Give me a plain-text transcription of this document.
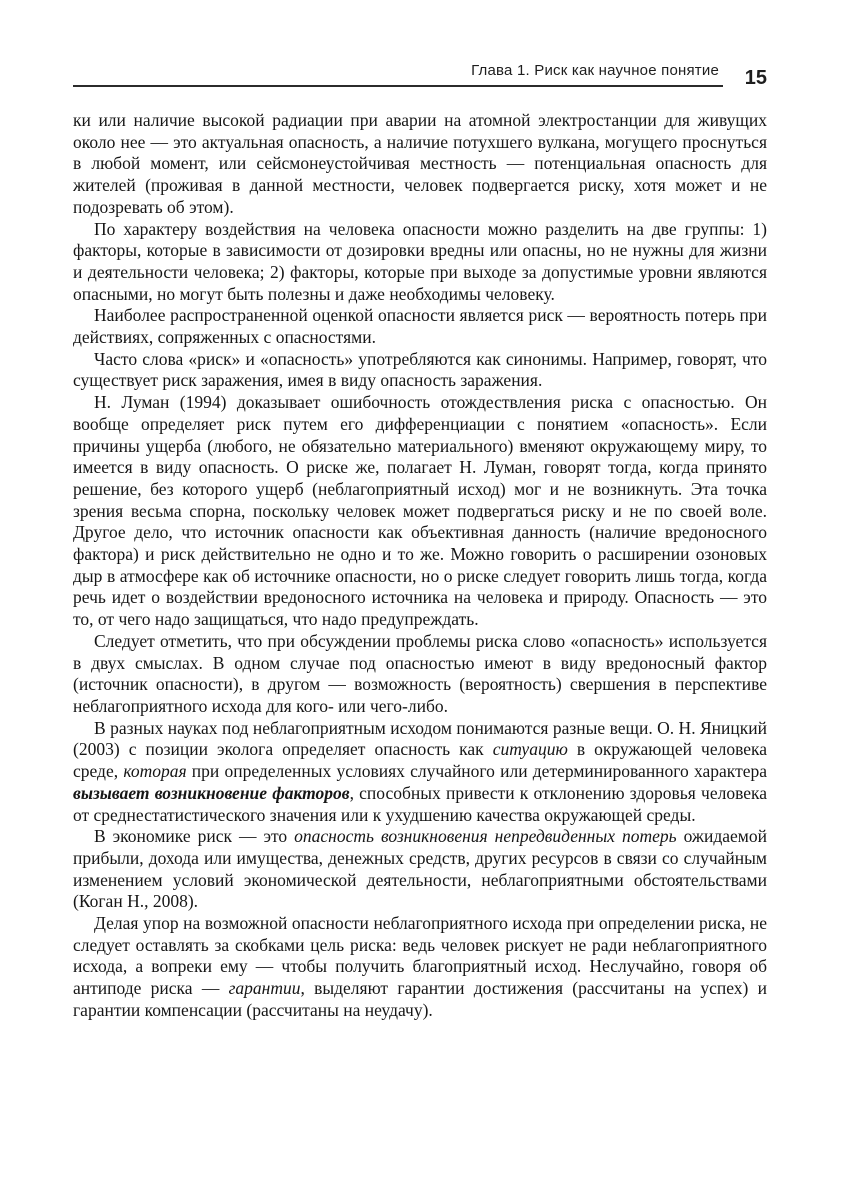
Глава 1. Риск как научное понятие 15

ки или наличие высокой радиации при аварии на атомной электростанции для живущих около нее — это актуальная опасность, а наличие потухшего вулкана, могущего проснуться в любой момент, или сейсмонеустойчивая местность — потенциальная опасность для жителей (проживая в данной местности, человек подвергается риску, хотя может и не подозревать об этом).

По характеру воздействия на человека опасности можно разделить на две группы: 1) факторы, которые в зависимости от дозировки вредны или опасны, но не нужны для жизни и деятельности человека; 2) факторы, которые при выходе за допустимые уровни являются опасными, но могут быть полезны и даже необходимы человеку.

Наиболее распространенной оценкой опасности является риск — вероятность потерь при действиях, сопряженных с опасностями.

Часто слова «риск» и «опасность» употребляются как синонимы. Например, говорят, что существует риск заражения, имея в виду опасность заражения.

Н. Луман (1994) доказывает ошибочность отождествления риска с опасностью. Он вообще определяет риск путем его дифференциации с понятием «опасность». Если причины ущерба (любого, не обязательно материального) вменяют окружающему миру, то имеется в виду опасность. О риске же, полагает Н. Луман, говорят тогда, когда принято решение, без которого ущерб (неблагоприятный исход) мог и не возникнуть. Эта точка зрения весьма спорна, поскольку человек может подвергаться риску и не по своей воле. Другое дело, что источник опасности как объективная данность (наличие вредоносного фактора) и риск действительно не одно и то же. Можно говорить о расширении озоновых дыр в атмосфере как об источнике опасности, но о риске следует говорить лишь тогда, когда речь идет о воздействии вредоносного источника на человека и природу. Опасность — это то, от чего надо защищаться, что надо предупреждать.

Следует отметить, что при обсуждении проблемы риска слово «опасность» используется в двух смыслах. В одном случае под опасностью имеют в виду вредоносный фактор (источник опасности), в другом — возможность (вероятность) свершения в перспективе неблагоприятного исхода для кого- или чего-либо.

В разных науках под неблагоприятным исходом понимаются разные вещи. О. Н. Яницкий (2003) с позиции эколога определяет опасность как ситуацию в окружающей человека среде, которая при определенных условиях случайного или детерминированного характера вызывает возникновение факторов, способных привести к отклонению здоровья человека от среднестатистического значения или к ухудшению качества окружающей среды.

В экономике риск — это опасность возникновения непредвиденных потерь ожидаемой прибыли, дохода или имущества, денежных средств, других ресурсов в связи со случайным изменением условий экономической деятельности, неблагоприятными обстоятельствами (Коган Н., 2008).

Делая упор на возможной опасности неблагоприятного исхода при определении риска, не следует оставлять за скобками цель риска: ведь человек рискует не ради неблагоприятного исхода, а вопреки ему — чтобы получить благоприятный исход. Неслучайно, говоря об антиподе риска — гарантии, выделяют гарантии достижения (рассчитаны на успех) и гарантии компенсации (рассчитаны на неудачу).
